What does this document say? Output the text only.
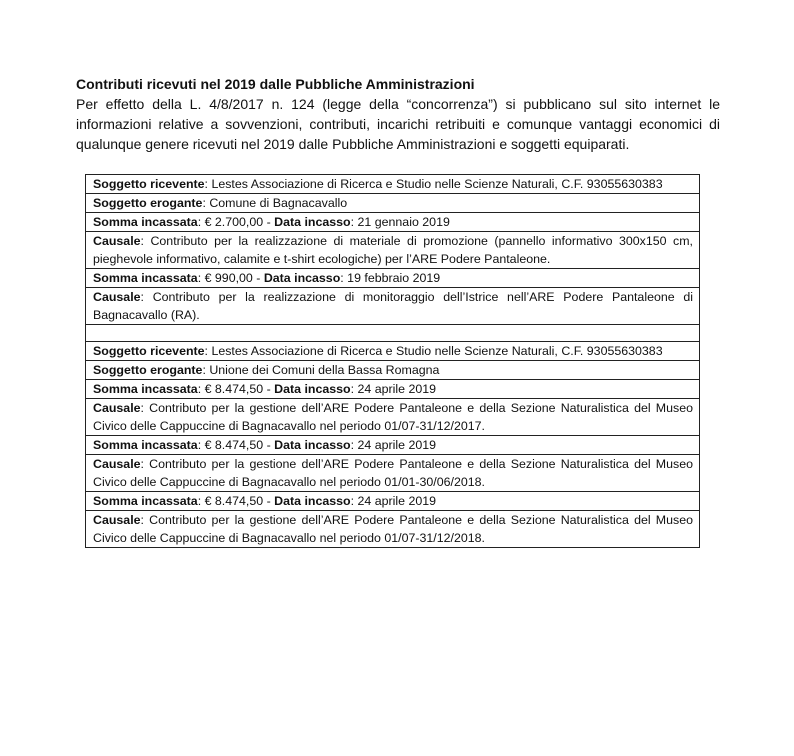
Contributi ricevuti nel 2019 dalle Pubbliche Amministrazioni

Per effetto della L. 4/8/2017 n. 124 (legge della “concorrenza”) si pubblicano sul sito internet le informazioni relative a sovvenzioni, contributi, incarichi retribuiti e comunque vantaggi economici di qualunque genere ricevuti nel 2019 dalle Pubbliche Amministrazioni e soggetti equiparati.

Soggetto ricevente: Lestes Associazione di Ricerca e Studio nelle Scienze Naturali, C.F. 93055630383
Soggetto erogante: Comune di Bagnacavallo
Somma incassata: € 2.700,00 - Data incasso: 21 gennaio 2019
Causale: Contributo per la realizzazione di materiale di promozione (pannello informativo 300x150 cm, pieghevole informativo, calamite e t-shirt ecologiche) per l’ARE Podere Pantaleone.
Somma incassata: € 990,00 - Data incasso: 19 febbraio 2019
Causale: Contributo per la realizzazione di monitoraggio dell’Istrice nell’ARE Podere Pantaleone di Bagnacavallo (RA).

Soggetto ricevente: Lestes Associazione di Ricerca e Studio nelle Scienze Naturali, C.F. 93055630383
Soggetto erogante: Unione dei Comuni della Bassa Romagna
Somma incassata: € 8.474,50 - Data incasso: 24 aprile 2019
Causale: Contributo per la gestione dell’ARE Podere Pantaleone e della Sezione Naturalistica del Museo Civico delle Cappuccine di Bagnacavallo nel periodo 01/07-31/12/2017.
Somma incassata: € 8.474,50 - Data incasso: 24 aprile 2019
Causale: Contributo per la gestione dell’ARE Podere Pantaleone e della Sezione Naturalistica del Museo Civico delle Cappuccine di Bagnacavallo nel periodo 01/01-30/06/2018.
Somma incassata: € 8.474,50 - Data incasso: 24 aprile 2019
Causale: Contributo per la gestione dell’ARE Podere Pantaleone e della Sezione Naturalistica del Museo Civico delle Cappuccine di Bagnacavallo nel periodo 01/07-31/12/2018.
